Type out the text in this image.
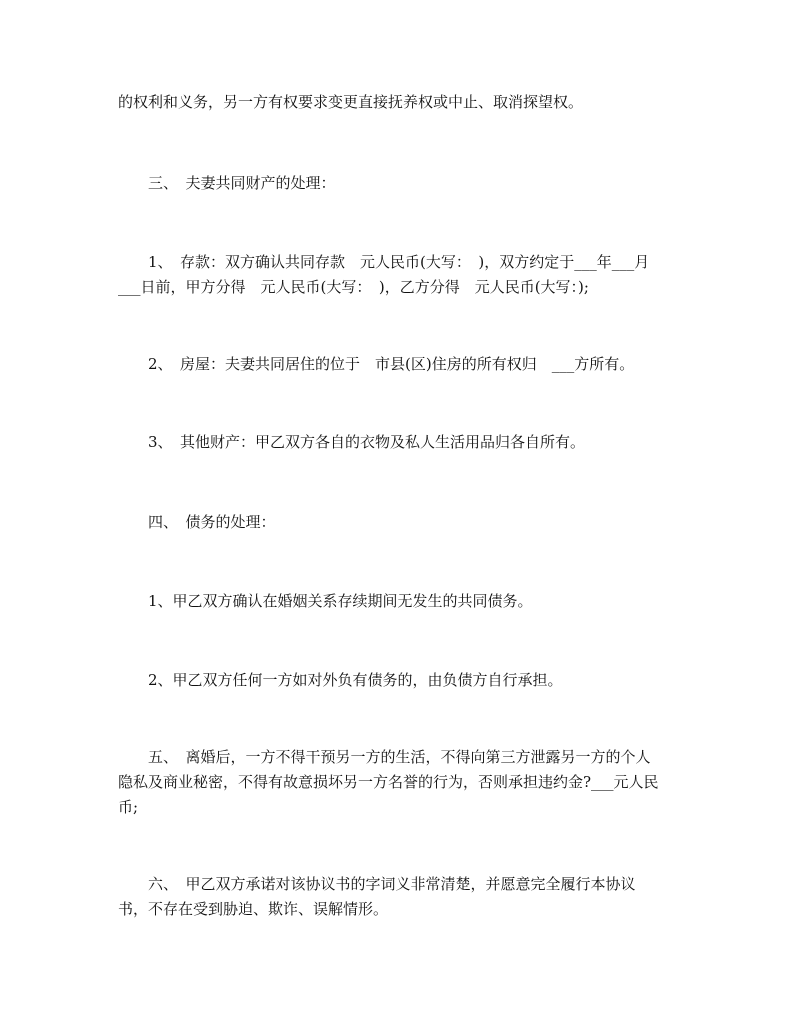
的权利和义务，另一方有权要求变更直接抚养权或中止、取消探望权。
　　三、　夫妻共同财产的处理：
　　1、　存款：双方确认共同存款　元人民币(大写：　)，双方约定于___年___月
___日前，甲方分得　元人民币(大写：　)，乙方分得　元人民币(大写：);
　　2、　房屋：夫妻共同居住的位于　市县(区)住房的所有权归　___方所有。
　　3、　其他财产：甲乙双方各自的衣物及私人生活用品归各自所有。
　　四、　债务的处理：
　　1、甲乙双方确认在婚姻关系存续期间无发生的共同债务。
　　2、甲乙双方任何一方如对外负有债务的，由负债方自行承担。
　　五、　离婚后，一方不得干预另一方的生活，不得向第三方泄露另一方的个人
隐私及商业秘密，不得有故意损坏另一方名誉的行为，否则承担违约金?___元人民
币;
　　六、　甲乙双方承诺对该协议书的字词义非常清楚，并愿意完全履行本协议
书，不存在受到胁迫、欺诈、误解情形。
